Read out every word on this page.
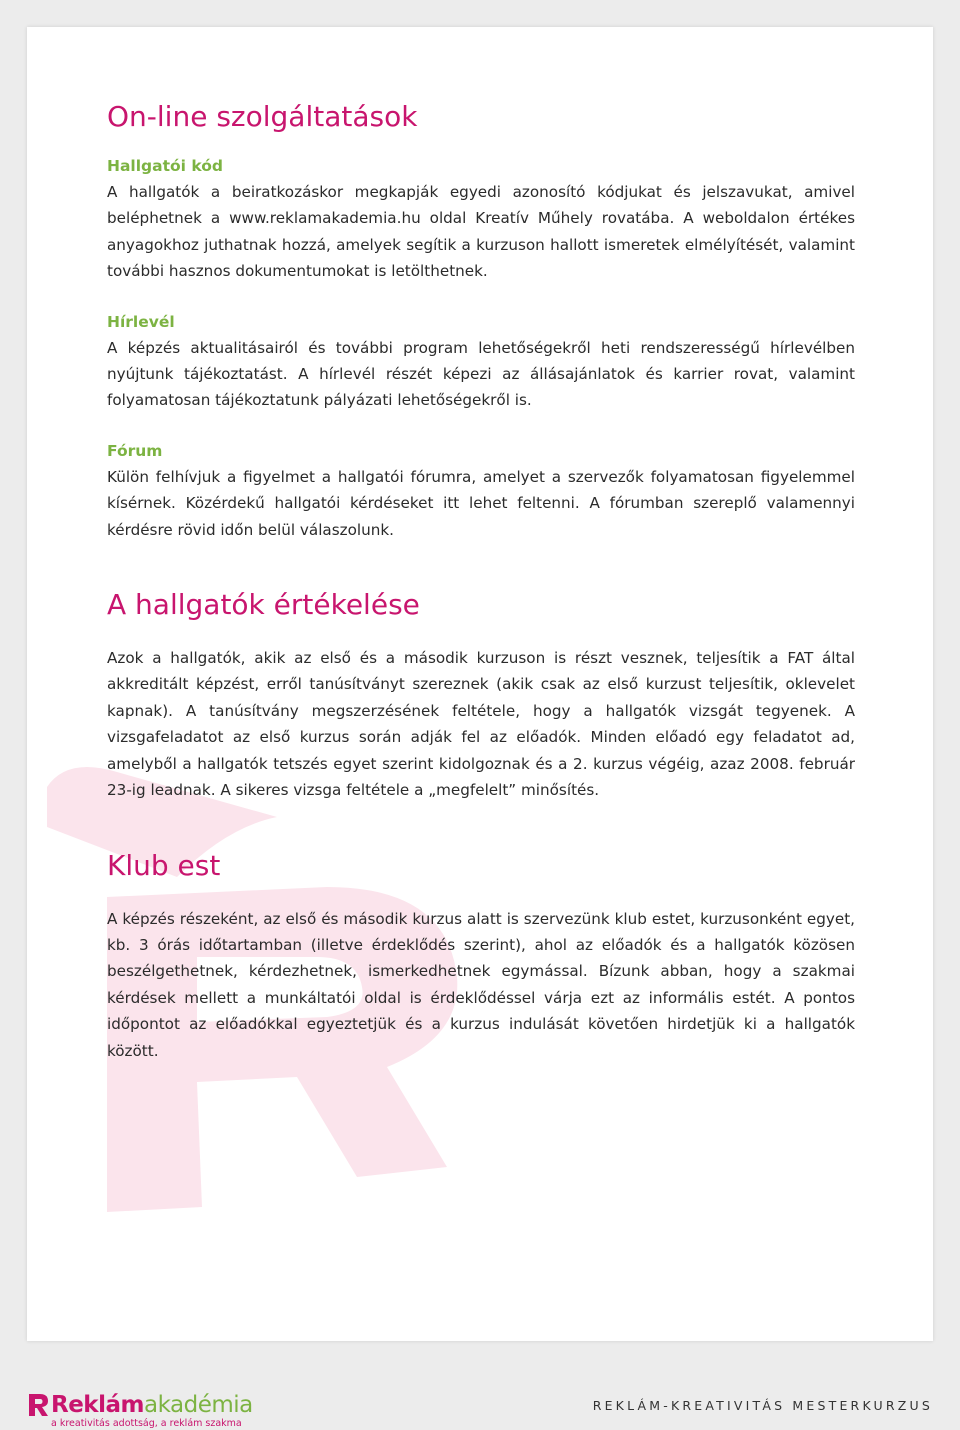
On-line szolgáltatások

Hallgatói kód

A hallgatók a beiratkozáskor megkapják egyedi azonosító kódjukat és jelszavukat, amivel beléphetnek a www.reklamakademia.hu oldal Kreatív Műhely rovatába. A weboldalon értékes anyagokhoz juthatnak hozzá, amelyek segítik a kurzuson hallott ismeretek elmélyítését, valamint további hasznos dokumentumokat is letölthetnek.

Hírlevél

A képzés aktualitásairól és további program lehetőségekről heti rendszerességű hírlevélben nyújtunk tájékoztatást. A hírlevél részét képezi az állásajánlatok és karrier rovat, valamint folyamatosan tájékoztatunk pályázati lehetőségekről is.

Fórum

Külön felhívjuk a figyelmet a hallgatói fórumra, amelyet a szervezők folyamatosan figyelemmel kísérnek. Közérdekű hallgatói kérdéseket itt lehet feltenni. A fórumban szereplő valamennyi kérdésre rövid időn belül válaszolunk.

A hallgatók értékelése

Azok a hallgatók, akik az első és a második kurzuson is részt vesznek, teljesítik a FAT által akkreditált képzést, erről tanúsítványt szereznek (akik csak az első kurzust teljesítik, oklevelet kapnak). A tanúsítvány megszerzésének feltétele, hogy a hallgatók vizsgát tegyenek. A vizsgafeladatot az első kurzus során adják fel az előadók. Minden előadó egy feladatot ad, amelyből a hallgatók tetszés egyet szerint kidolgoznak és a 2. kurzus végéig, azaz 2008. február 23-ig leadnak. A sikeres vizsga feltétele a „megfelelt” minősítés.

Klub est

A képzés részeként, az első és második kurzus alatt is szervezünk klub estet, kurzusonként egyet, kb. 3 órás időtartamban (illetve érdeklődés szerint), ahol az előadók és a hallgatók közösen beszélgethetnek, kérdezhetnek, ismerkedhetnek egymással. Bízunk abban, hogy a szakmai kérdések mellett a munkáltatói oldal is érdeklődéssel várja ezt az informális estét. A pontos időpontot az előadókkal egyeztetjük és a kurzus indulását követően hirdetjük ki a hallgatók között.

Reklám akadémia
a kreativitás adottság, a reklám szakma
REKLÁM-KREATIVITÁS MESTERKURZUS
